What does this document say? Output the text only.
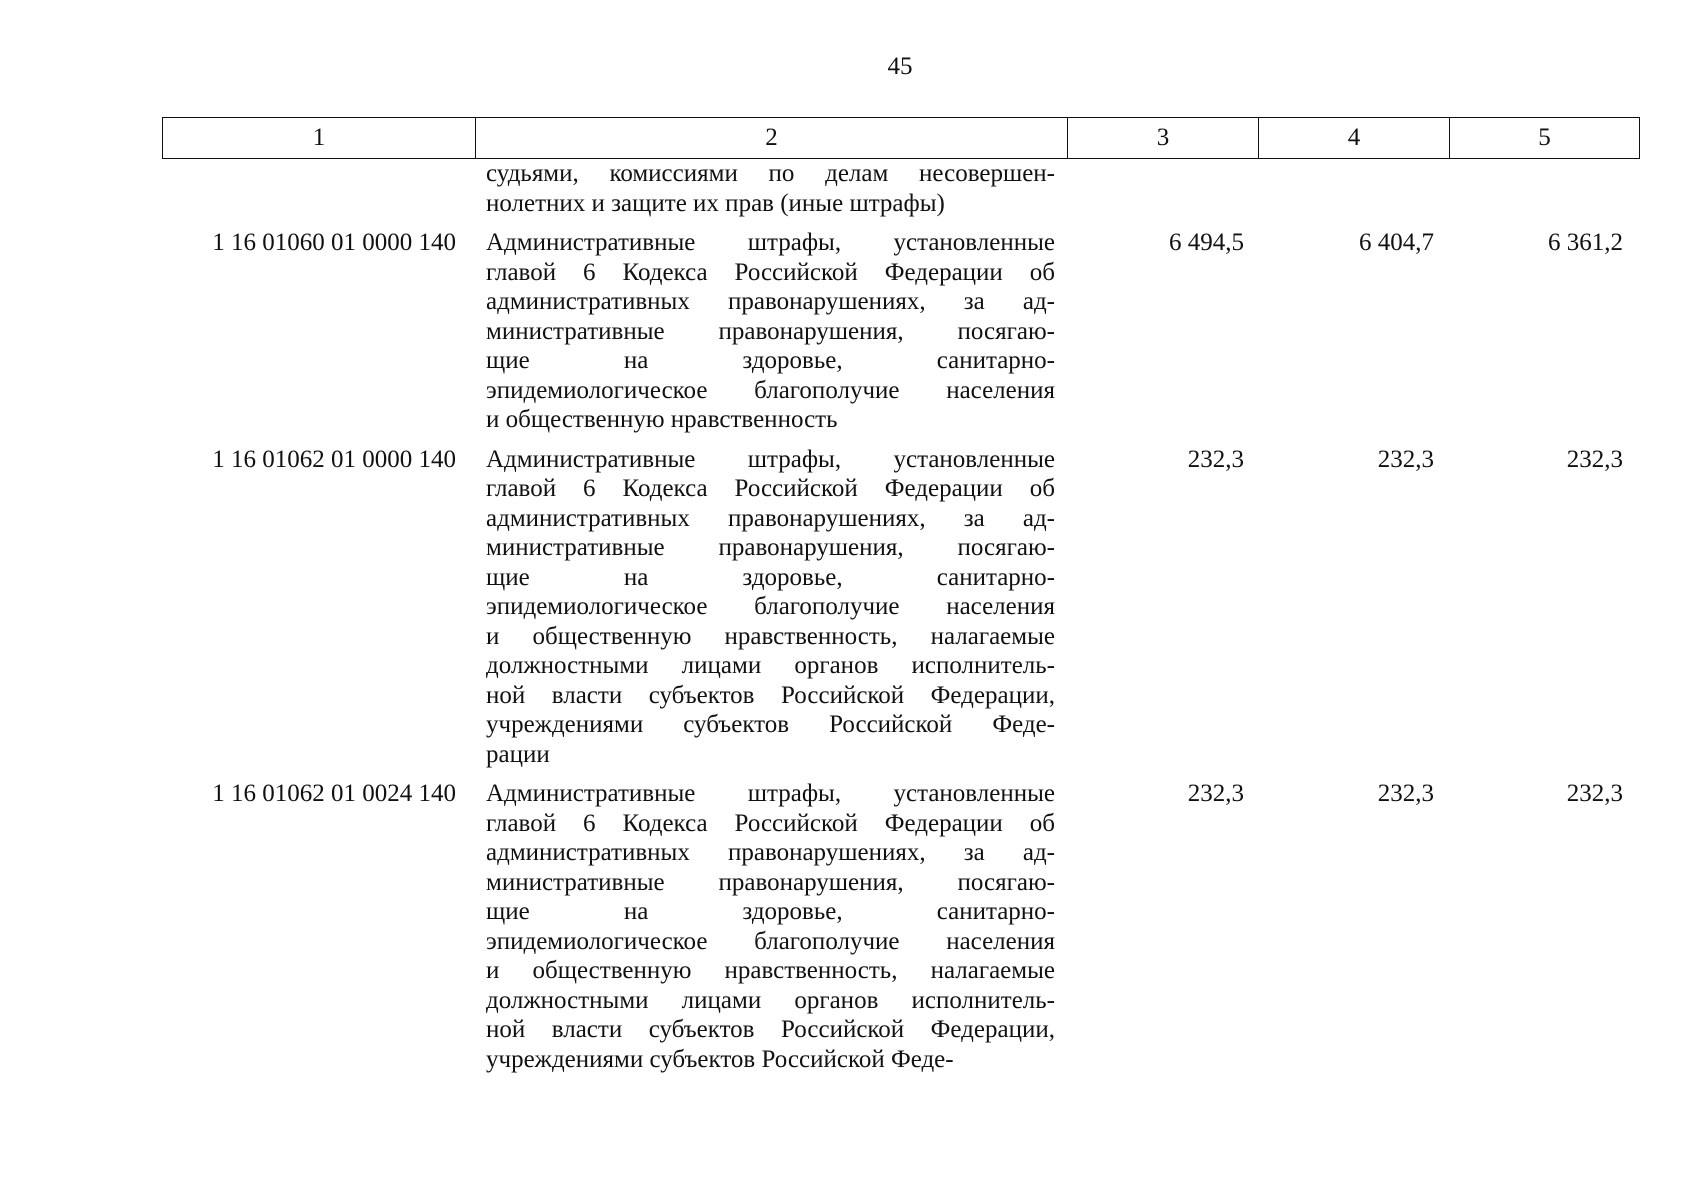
45
1	2	3	4	5
судьями, комиссиями по делам несовершен-
нолетних и защите их прав (иные штрафы)
1 16 01060 01 0000 140	Административные штрафы, установленные
главой 6 Кодекса Российской Федерации об
административных правонарушениях, за ад-
министративные правонарушения, посягаю-
щие на здоровье, санитарно-
эпидемиологическое благополучие населения
и общественную нравственность
6 494,5	6 404,7	6 361,2
1 16 01062 01 0000 140	Административные штрафы, установленные
главой 6 Кодекса Российской Федерации об
административных правонарушениях, за ад-
министративные правонарушения, посягаю-
щие на здоровье, санитарно-
эпидемиологическое благополучие населения
и общественную нравственность, налагаемые
должностными лицами органов исполнитель-
ной власти субъектов Российской Федерации,
учреждениями субъектов Российской Феде-
рации
232,3	232,3	232,3
1 16 01062 01 0024 140	Административные штрафы, установленные
главой 6 Кодекса Российской Федерации об
административных правонарушениях, за ад-
министративные правонарушения, посягаю-
щие на здоровье, санитарно-
эпидемиологическое благополучие населения
и общественную нравственность, налагаемые
должностными лицами органов исполнитель-
ной власти субъектов Российской Федерации,
учреждениями субъектов Российской Феде-
232,3	232,3	232,3
